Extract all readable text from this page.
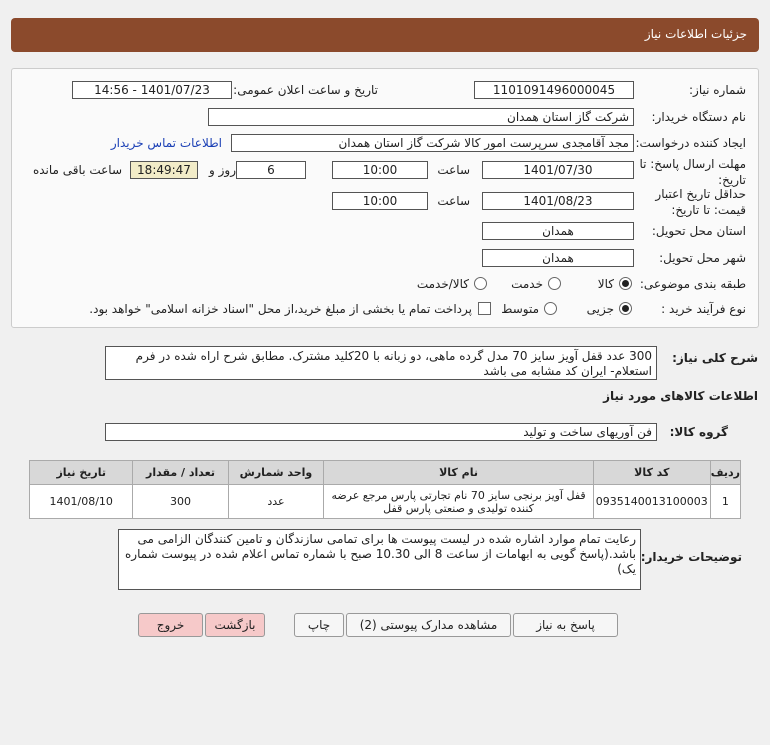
جزئیات اطلاعات نیاز
شماره نیاز:
1101091496000045
تاریخ و ساعت اعلان عمومی:
1401/07/23 - 14:56
نام دستگاه خریدار:
شرکت گاز استان همدان
ایجاد کننده درخواست:
مجد آقامجدی سرپرست امور کالا شرکت گاز استان همدان
اطلاعات تماس خریدار
مهلت ارسال پاسخ: تا
تاریخ:
1401/07/30
ساعت
10:00
6
روز و
18:49:47
ساعت باقی مانده
حداقل تاریخ اعتبار
قیمت: تا تاریخ:
1401/08/23
ساعت
10:00
استان محل تحویل:
همدان
شهر محل تحویل:
همدان
طبقه بندی موضوعی:
کالا
خدمت
کالا/خدمت
نوع فرآیند خرید :
جزیی
متوسط
پرداخت تمام یا بخشی از مبلغ خرید،از محل "اسناد خزانه اسلامی" خواهد بود.
شرح کلی نیاز:
300 عدد قفل آویز سایز 70 مدل گرده ماهی، دو زبانه با 20کلید مشترک. مطابق شرح اراه شده در فرم استعلام- ایران کد مشابه می باشد
اطلاعات کالاهای مورد نیاز
گروه کالا:
فن آوریهای ساخت و تولید
ردیف	کد کالا	نام کالا	واحد شمارش	تعداد / مقدار	تاریخ نیاز
1	0935140013100003	قفل آویز برنجی سایز 70 نام تجارتی پارس مرجع عرضه کننده تولیدی و صنعتی پارس قفل	عدد	300	1401/08/10
توضیحات خریدار:
رعایت تمام موارد اشاره شده در لیست پیوست ها برای تمامی سازندگان و تامین کنندگان الزامی می باشد.(پاسخ گویی به ابهامات از ساعت 8 الی 10.30 صبح با شماره تماس اعلام شده در پیوست شماره یک)
پاسخ به نیاز
مشاهده مدارک پیوستی (2)
چاپ
بازگشت
خروج
